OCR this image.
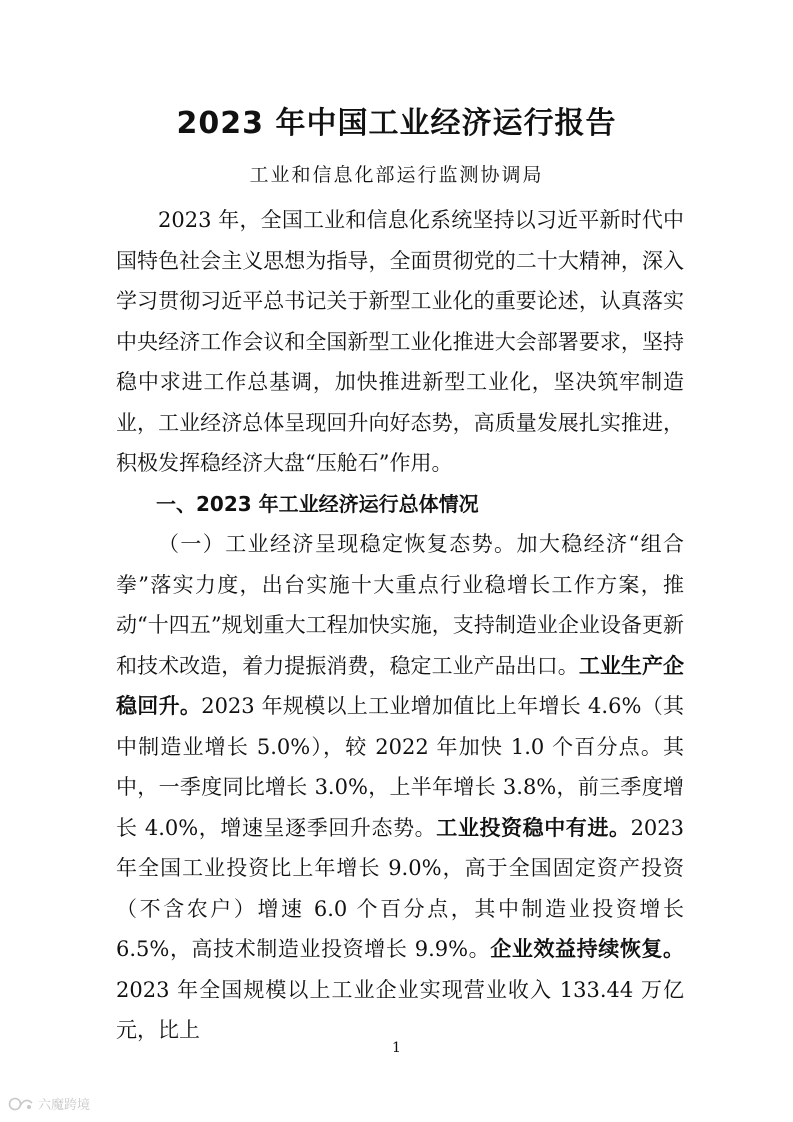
2023 年中国工业经济运行报告
工业和信息化部运行监测协调局

2023 年，全国工业和信息化系统坚持以习近平新时代中国特色社会主义思想为指导，全面贯彻党的二十大精神，深入学习贯彻习近平总书记关于新型工业化的重要论述，认真落实中央经济工作会议和全国新型工业化推进大会部署要求，坚持稳中求进工作总基调，加快推进新型工业化，坚决筑牢制造业，工业经济总体呈现回升向好态势，高质量发展扎实推进，积极发挥稳经济大盘“压舱石”作用。

一、2023 年工业经济运行总体情况

（一）工业经济呈现稳定恢复态势。加大稳经济“组合拳”落实力度，出台实施十大重点行业稳增长工作方案，推动“十四五”规划重大工程加快实施，支持制造业企业设备更新和技术改造，着力提振消费，稳定工业产品出口。工业生产企稳回升。2023 年规模以上工业增加值比上年增长 4.6%（其中制造业增长 5.0%），较 2022 年加快 1.0 个百分点。其中，一季度同比增长 3.0%，上半年增长 3.8%，前三季度增长 4.0%，增速呈逐季回升态势。工业投资稳中有进。2023 年全国工业投资比上年增长 9.0%，高于全国固定资产投资（不含农户）增速 6.0 个百分点，其中制造业投资增长 6.5%，高技术制造业投资增长 9.9%。企业效益持续恢复。2023 年全国规模以上工业企业实现营业收入 133.44 万亿元，比上

1
六魔跨境
